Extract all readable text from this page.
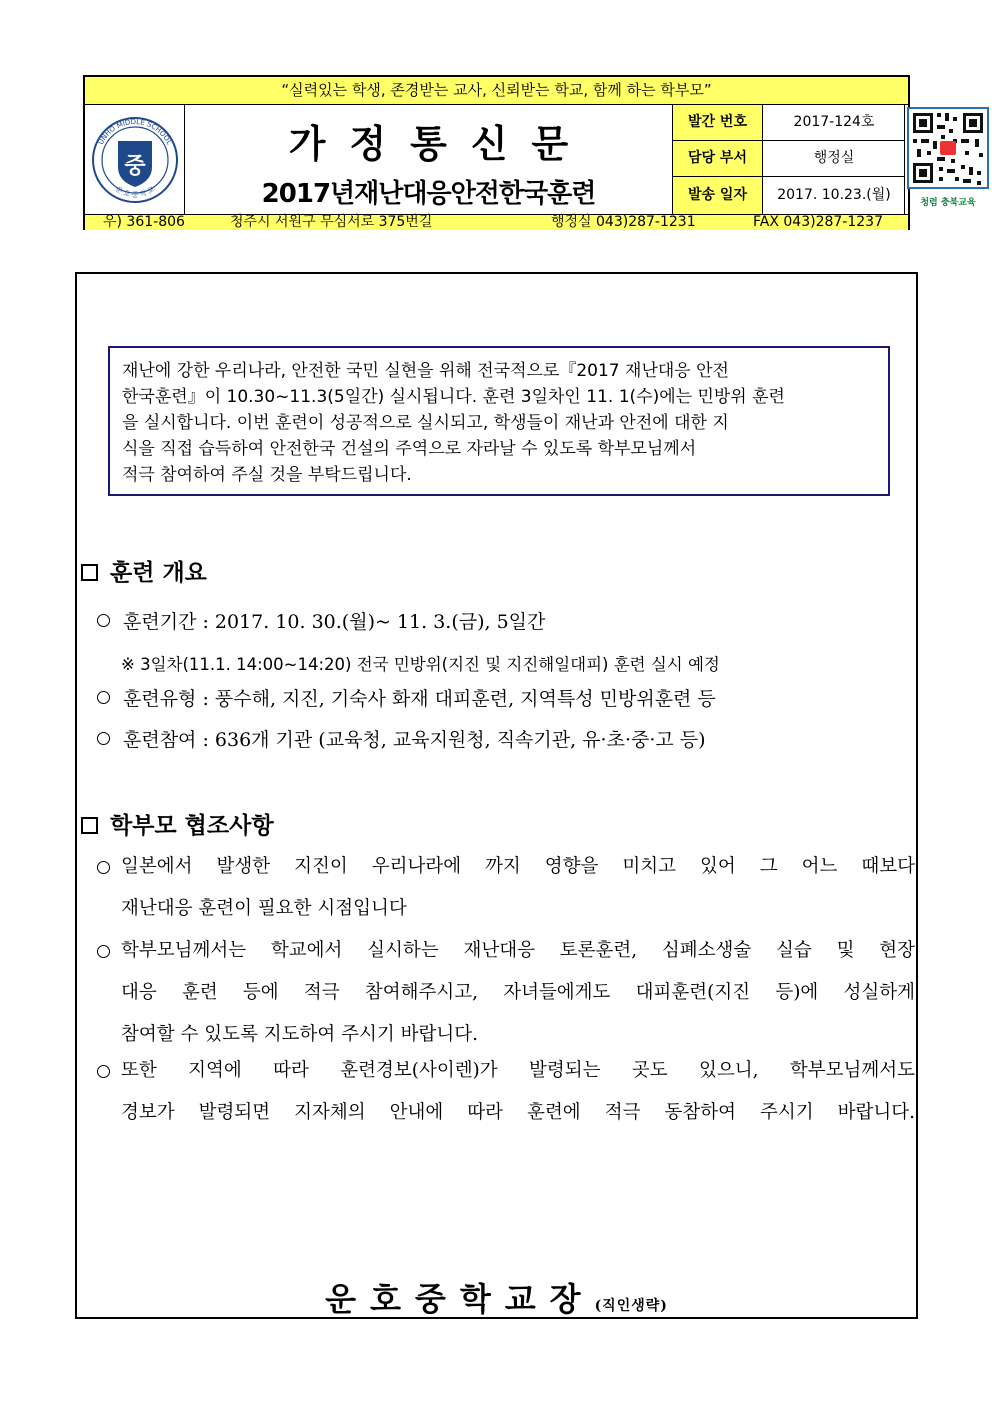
“실력있는 학생, 존경받는 교사, 신뢰받는 학교, 함께 하는 학부모”
중
UNHO MIDDLE SCHOOL
운 호 중 학 교
가정통신문
2017년재난대응안전한국훈련
발간 번호	2017-124호
담당 부서	행정실
발송 일자	2017. 10.23.(월)	청렴 충북교육
우) 361-806	청주시 서원구 무심서로 375번길	행정실 043)287-1231	FAX 043)287-1237

재난에 강한 우리나라, 안전한 국민 실현을 위해 전국적으로『2017 재난대응 안전

한국훈련』이 10.30~11.3(5일간) 실시됩니다. 훈련 3일차인 11. 1(수)에는 민방위 훈련

을 실시합니다. 이번 훈련이 성공적으로 실시되고, 학생들이 재난과 안전에 대한 지

식을 직접 습득하여 안전한국 건설의 주역으로 자라날 수 있도록 학부모님께서

적극 참여하여 주실 것을 부탁드립니다.

훈련 개요
훈련기간 : 2017. 10. 30.(월)~ 11. 3.(금), 5일간
※ 3일차(11.1. 14:00~14:20) 전국 민방위(지진 및 지진해일대피) 훈련 실시 예정
훈련유형 : 풍수해, 지진, 기숙사 화재 대피훈련, 지역특성 민방위훈련 등
훈련참여 : 636개 기관 (교육청, 교육지원청, 직속기관, 유·초·중·고 등)
학부모 협조사항

일본에서 발생한 지진이 우리나라에 까지 영향을 미치고 있어 그 어느 때보다

재난대응 훈련이 필요한 시점입니다

학부모님께서는 학교에서 실시하는 재난대응 토론훈련, 심폐소생술 실습 및 현장

대응 훈련 등에 적극 참여해주시고, 자녀들에게도 대피훈련(지진 등)에 성실하게

참여할 수 있도록 지도하여 주시기 바랍니다.

또한 지역에 따라 훈련경보(사이렌)가 발령되는 곳도 있으니, 학부모님께서도

경보가 발령되면 지자체의 안내에 따라 훈련에 적극 동참하여 주시기 바랍니다.

운호중학교장(직인생략)
